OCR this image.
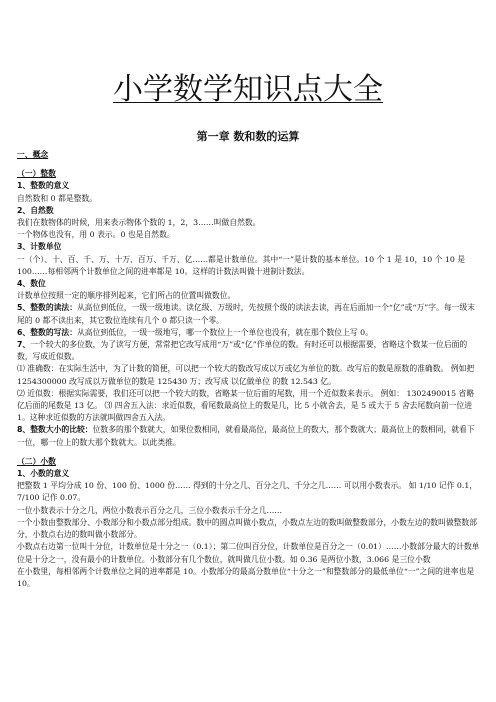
小学数学知识点大全
第一章 数和数的运算

一、概念

（一）整数

1、整数的意义

自然数和 0 都是整数。

2、自然数

我们在数物体的时候，用来表示物体个数的 1，2，3……叫做自然数。

一个物体也没有，用 0 表示。0 也是自然数。

3、计数单位

一（个）、十、百、千、万、十万、百万、千万、亿……都是计数单位。其中“一”是计数的基本单位。10 个 1 是 10，10 个 10 是 100……每相邻两个计数单位之间的进率都是 10。这样的计数法叫做十进制计数法。

4、数位

计数单位按照一定的顺序排列起来，它们所占的位置叫做数位。

5、整数的读法：从高位到低位，一级一级地读。读亿级、万级时，先按照个级的读法去读，再在后面加一个“亿”或“万”字。每一级末尾的 0 都不读出来，其它数位连续有几个 0 都只读一个零。

6、整数的写法：从高位到低位，一级一级地写，哪一个数位上一个单位也没有，就在那个数位上写 0。

7、一个较大的多位数，为了读写方便，常常把它改写成用“万”或“亿”作单位的数。有时还可以根据需要，省略这个数某一位后面的数，写成近似数。

⑴ 准确数：在实际生活中，为了计数的简便，可以把一个较大的数改写成以万或亿为单位的数。改写后的数是原数的准确数。 例如把 1254300000 改写成以万做单位的数是 125430 万；改写成 以亿做单位 的数 12.543 亿。

⑵ 近似数：根据实际需要，我们还可以把一个较大的数，省略某一位后面的尾数，用一个近似数来表示。 例如： 1302490015 省略亿后面的尾数是 13 亿。 ⑶ 四舍五入法：求近似数，看尾数最高位上的数是几，比 5 小就舍去，是 5 或大于 5 舍去尾数向前一位进 1。这种求近似数的方法就叫做四舍五入法。

8、整数大小的比较：位数多的那个数就大，如果位数相同，就看最高位，最高位上的数大，那个数就大；最高位上的数相同，就看下一位，哪一位上的数大那个数就大。以此类推。

（二）小数

1、小数的意义

把整数 1 平均分成 10 份、100 份、1000 份…… 得到的十分之几、百分之几、千分之几…… 可以用小数表示。 如 1/10 记作 0.1，7/100 记作 0.07。

一位小数表示十分之几，两位小数表示百分之几，三位小数表示千分之几……

一个小数由整数部分、小数部分和小数点部分组成。数中的圆点叫做小数点，小数点左边的数叫做整数部分，小数左边的数叫做整数部分，小数点右边的数叫做小数部分。

小数点右边第一位叫十分位，计数单位是十分之一（0.1）；第二位叫百分位，计数单位是百分之一（0.01）……小数部分最大的计数单位是十分之一，没有最小的计数单位。小数部分有几个数位，就叫做几位小数。如 0.36 是两位小数，3.066 是三位小数

在小数里，每相邻两个计数单位之间的进率都是 10。小数部分的最高分数单位“十分之一”和整数部分的最低单位“一”之间的进率也是 10。
